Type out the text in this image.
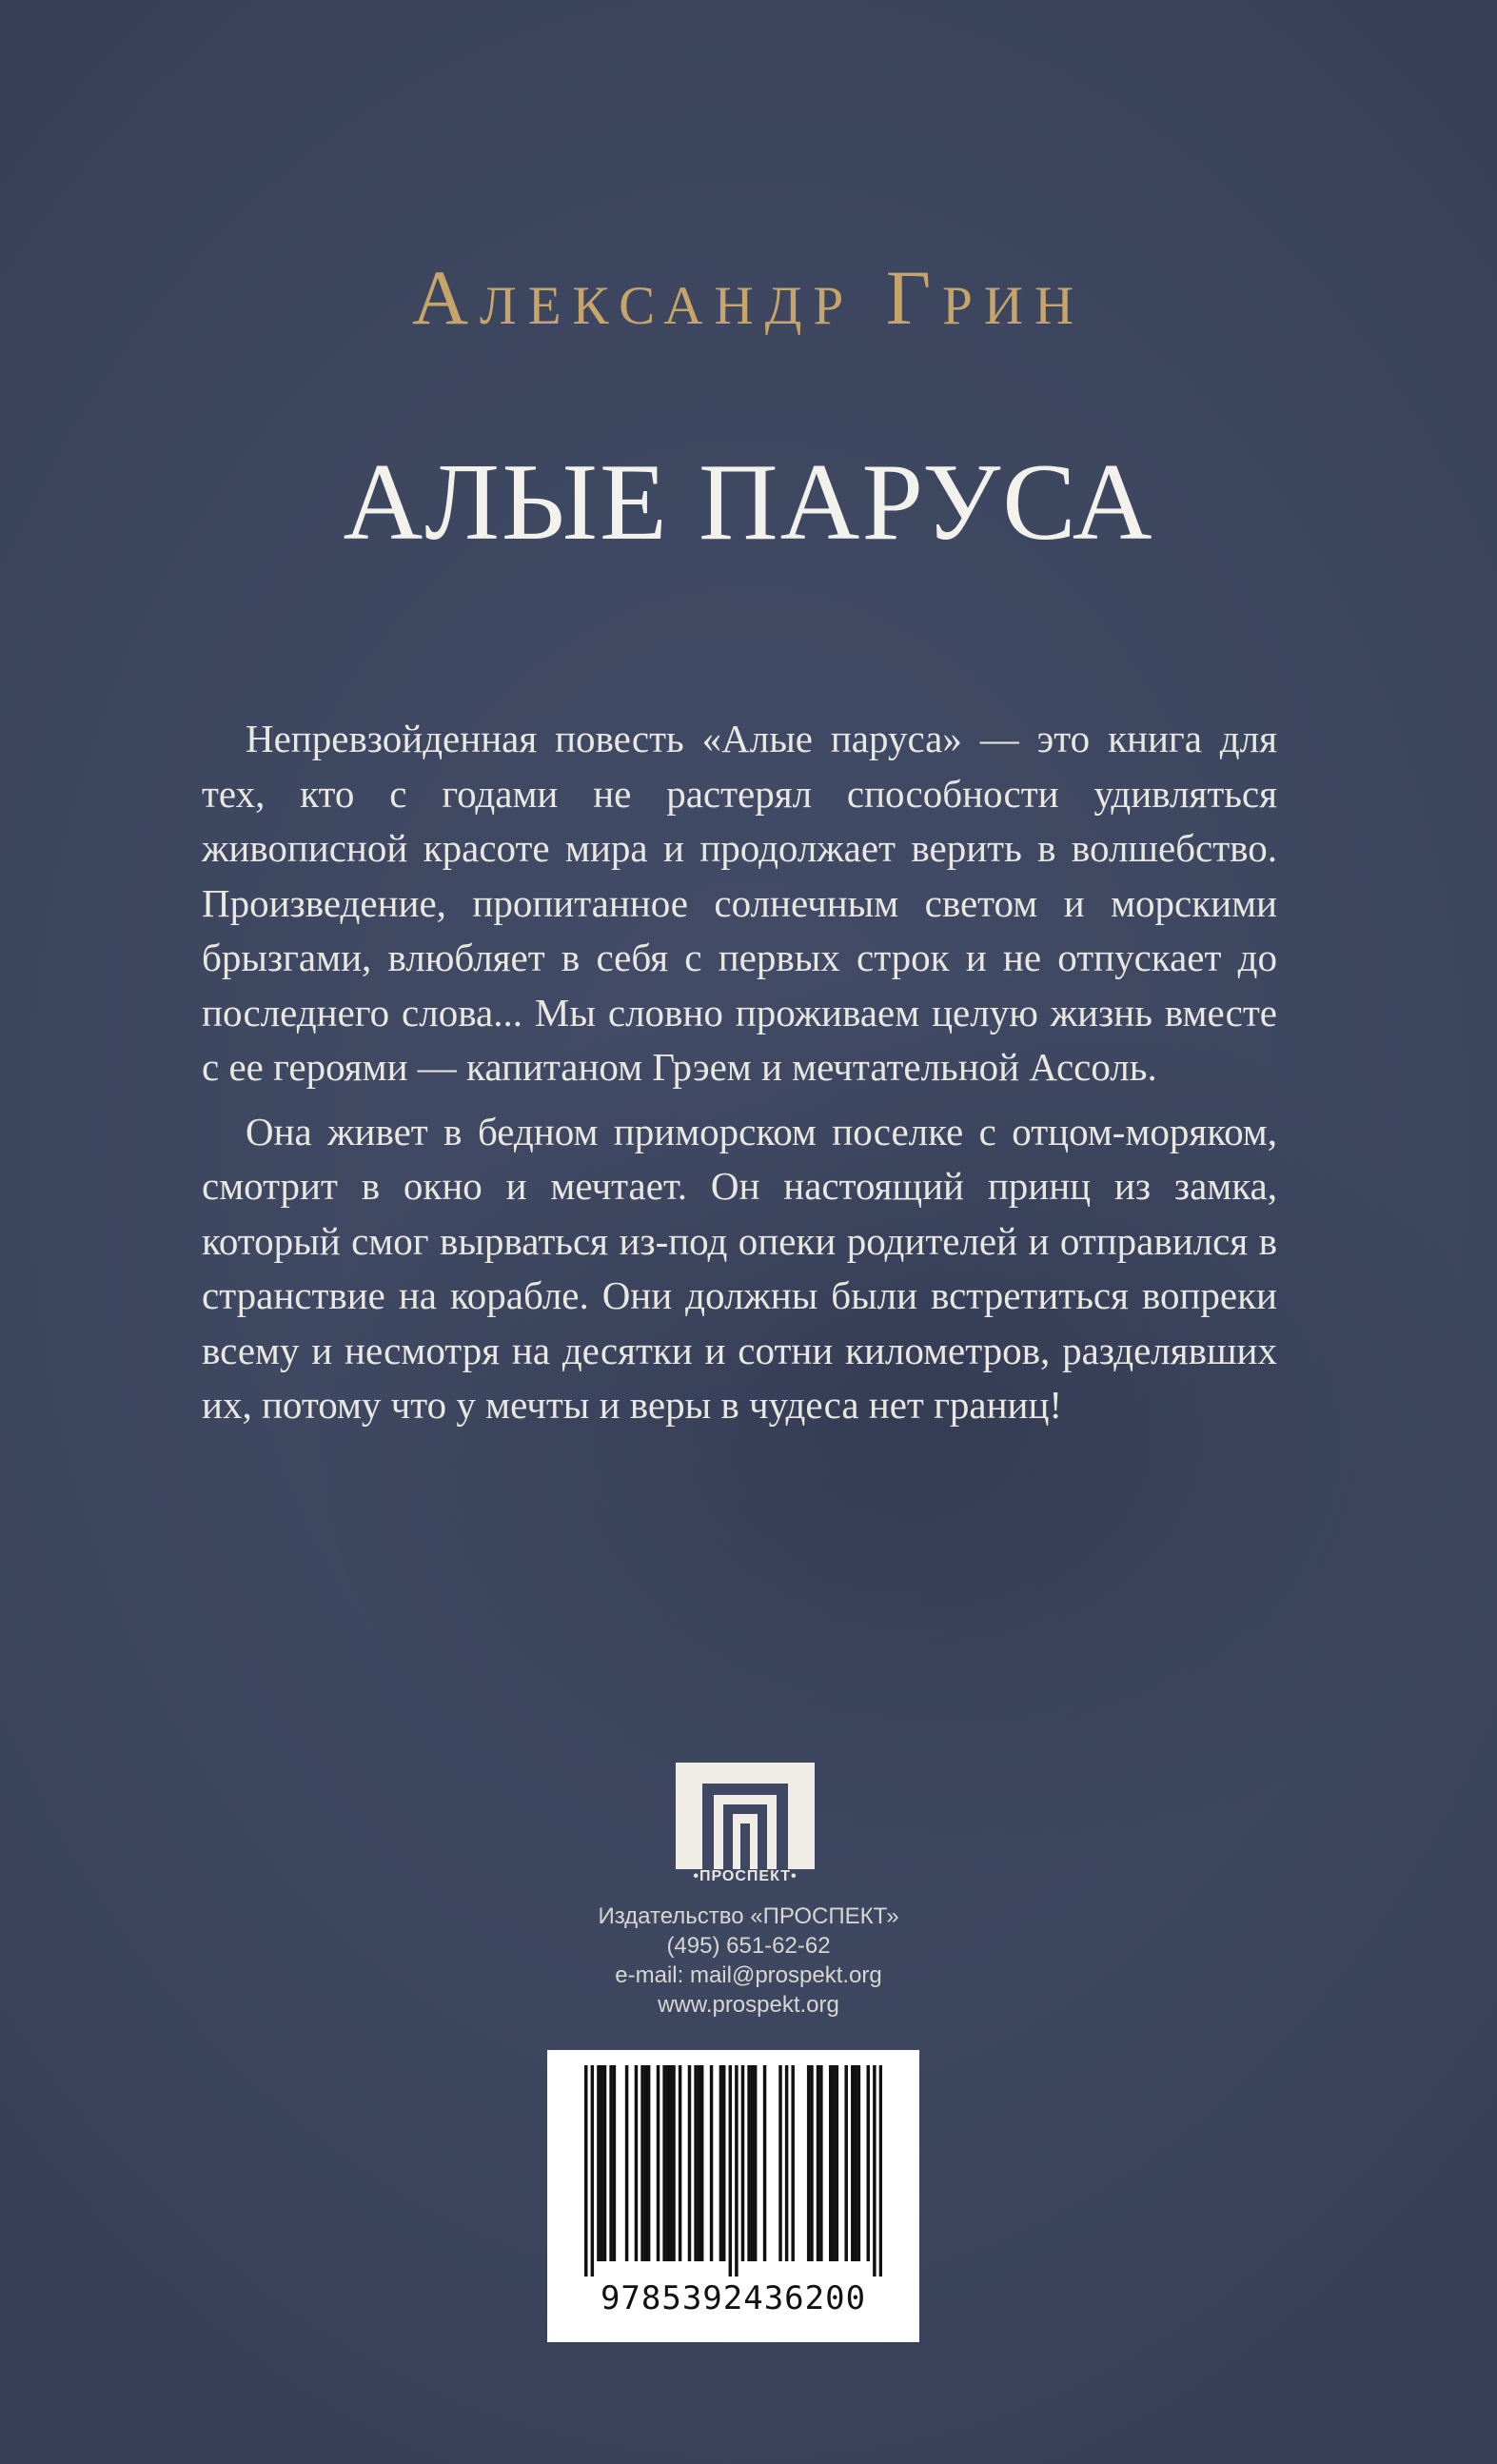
Александр Грин
АЛЫЕ ПАРУСА

Непревзойденная повесть «Алые паруса» — это книга для тех, кто с годами не растерял способности удивляться живописной красоте мира и продолжает верить в волшебство. Произведение, пропитанное солнечным светом и морскими брызгами, влюбляет в себя с первых строк и не отпускает до последнего слова... Мы словно проживаем целую жизнь вместе с ее героями — капитаном Грэем и мечтательной Ассоль.

Она живет в бедном приморском поселке с отцом-моряком, смотрит в окно и мечтает. Он настоящий принц из замка, который смог вырваться из-под опеки родителей и отправился в странствие на корабле. Они должны были встретиться вопреки всему и несмотря на десятки и сотни километров, разделявших их, потому что у мечты и веры в чудеса нет границ!

•ПРОСПЕКТ•
Издательство «ПРОСПЕКТ»
(495) 651-62-62
e-mail: mail@prospekt.org
www.prospekt.org
9785392436200
